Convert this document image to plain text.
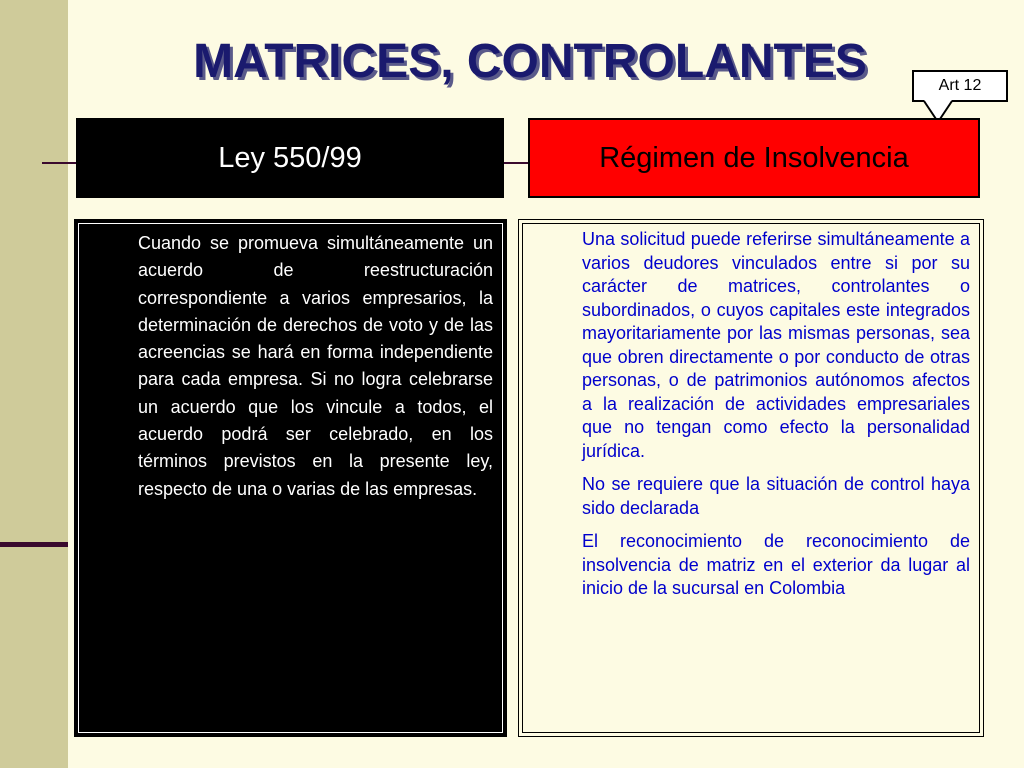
MATRICES, CONTROLANTES	Art 12
Ley 550/99	Régimen de Insolvencia
Cuando se promueva simultáneamente un acuerdo de reestructuración correspondiente a varios empresarios, la determinación de derechos de voto y de las acreencias se hará en forma independiente para cada empresa. Si no logra celebrarse un acuerdo que los vincule a todos, el acuerdo podrá ser celebrado, en los términos previstos en la presente ley, respecto de una o varias de las empresas.

Una solicitud puede referirse simultáneamente a varios deudores vinculados entre si por su carácter de matrices, controlantes o subordinados, o cuyos capitales este integrados mayoritariamente por las mismas personas, sea que obren directamente o por conducto de otras personas, o de patrimonios autónomos afectos a la realización de actividades empresariales que no tengan como efecto la personalidad jurídica.

No se requiere que la situación de control haya sido declarada

El reconocimiento de reconocimiento de insolvencia de matriz en el exterior da lugar al inicio de la sucursal en Colombia
